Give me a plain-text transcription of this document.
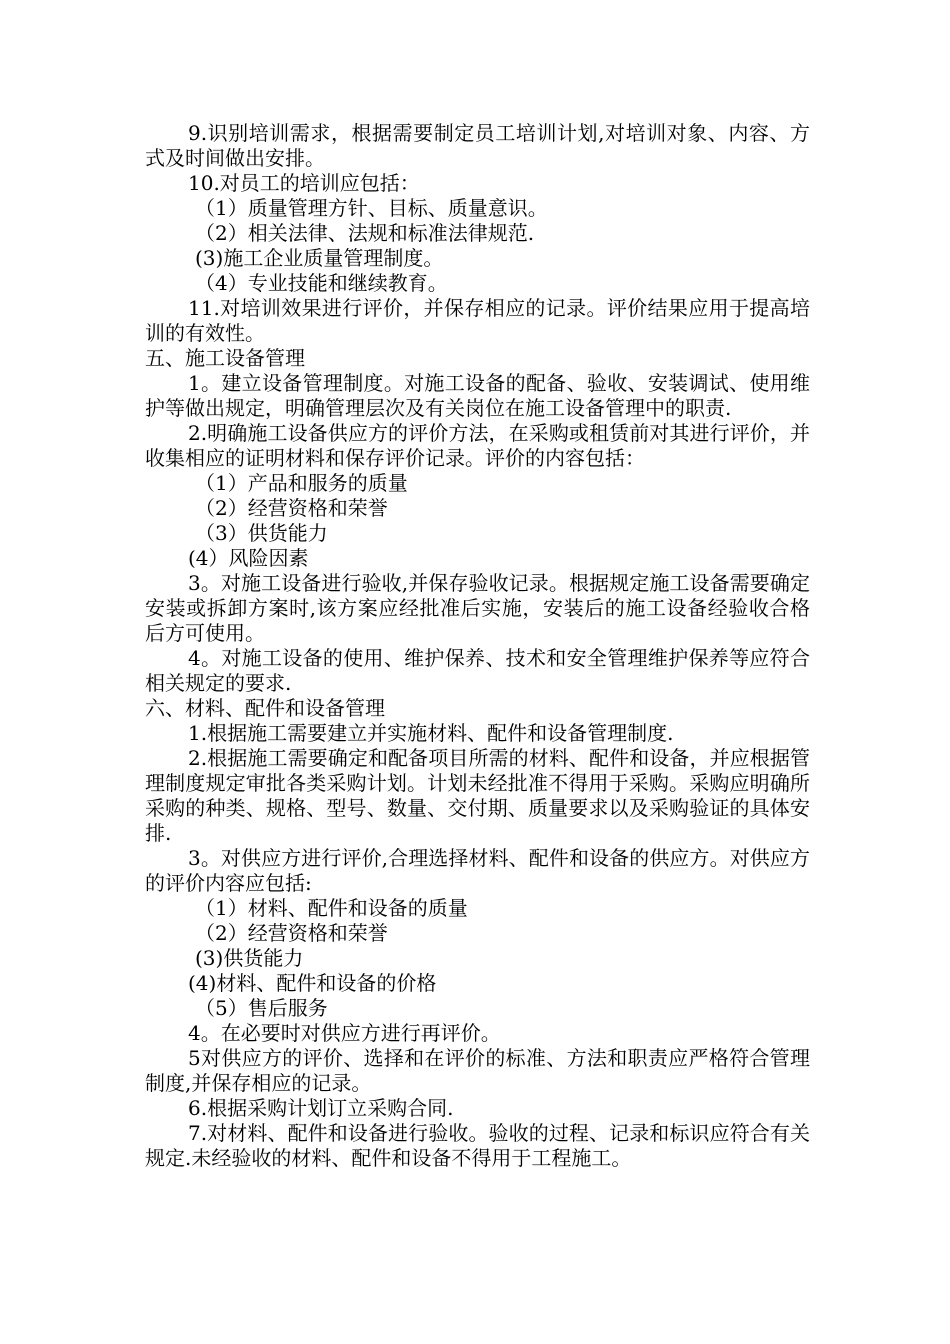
9.识别培训需求，根据需要制定员工培训计划,对培训对象、内容、方式及时间做出安排。

10.对员工的培训应包括：

（1）质量管理方针、目标、质量意识。

（2）相关法律、法规和标准法律规范.

(3)施工企业质量管理制度。

（4）专业技能和继续教育。

11.对培训效果进行评价，并保存相应的记录。评价结果应用于提高培训的有效性。

五、施工设备管理

1。建立设备管理制度。对施工设备的配备、验收、安装调试、使用维护等做出规定，明确管理层次及有关岗位在施工设备管理中的职责.

2.明确施工设备供应方的评价方法，在采购或租赁前对其进行评价，并收集相应的证明材料和保存评价记录。评价的内容包括：

（1）产品和服务的质量

（2）经营资格和荣誉

（3）供货能力

(4）风险因素

3。对施工设备进行验收,并保存验收记录。根据规定施工设备需要确定安装或拆卸方案时,该方案应经批准后实施，安装后的施工设备经验收合格后方可使用。

4。对施工设备的使用、维护保养、技术和安全管理维护保养等应符合相关规定的要求.

六、材料、配件和设备管理

1.根据施工需要建立并实施材料、配件和设备管理制度.

2.根据施工需要确定和配备项目所需的材料、配件和设备，并应根据管理制度规定审批各类采购计划。计划未经批准不得用于采购。采购应明确所采购的种类、规格、型号、数量、交付期、质量要求以及采购验证的具体安排.

3。对供应方进行评价,合理选择材料、配件和设备的供应方。对供应方的评价内容应包括:

（1）材料、配件和设备的质量

（2）经营资格和荣誉

(3)供货能力

(4)材料、配件和设备的价格

（5）售后服务

4。在必要时对供应方进行再评价。

5对供应方的评价、选择和在评价的标准、方法和职责应严格符合管理制度,并保存相应的记录。

6.根据采购计划订立采购合同.

7.对材料、配件和设备进行验收。验收的过程、记录和标识应符合有关规定.未经验收的材料、配件和设备不得用于工程施工。
